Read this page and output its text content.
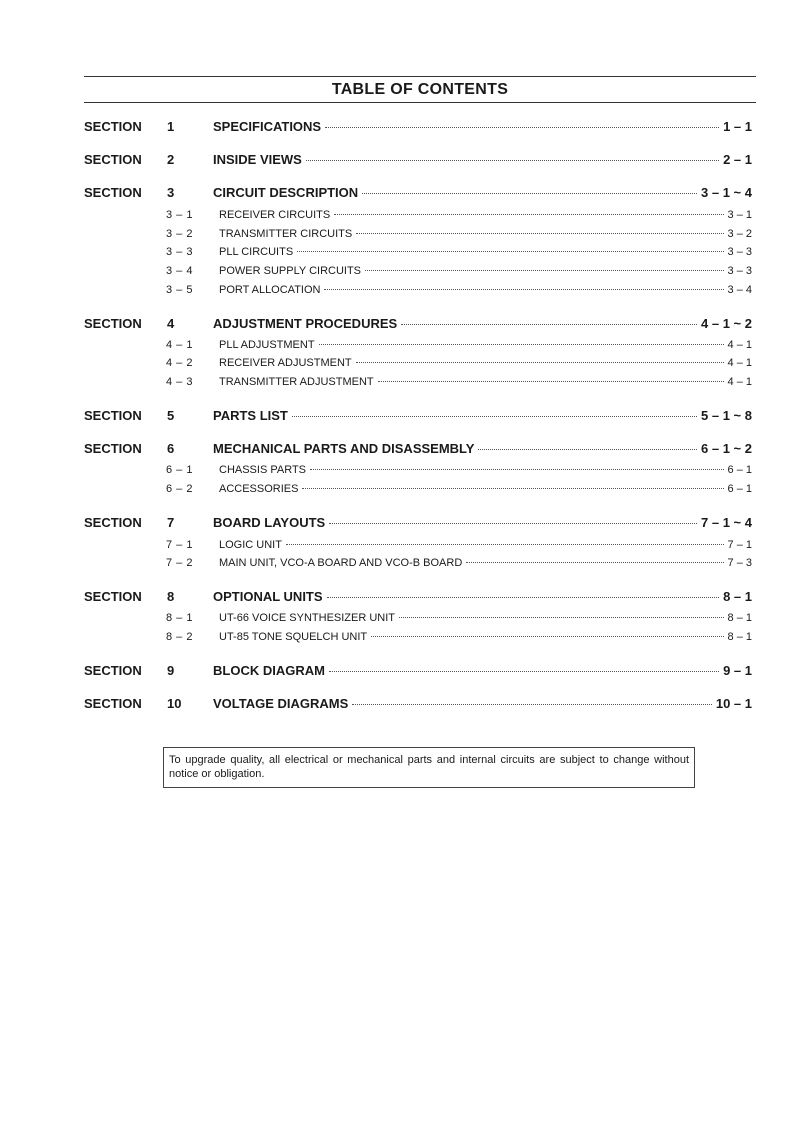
TABLE OF CONTENTS
SECTION 1	SPECIFICATIONS	1 – 1
SECTION 2	INSIDE VIEWS	2 – 1
SECTION 3	CIRCUIT DESCRIPTION	3 – 1 ~ 4
3 – 1 RECEIVER CIRCUITS	3 – 1
3 – 2 TRANSMITTER CIRCUITS	3 – 2
3 – 3 PLL CIRCUITS	3 – 3
3 – 4 POWER SUPPLY CIRCUITS	3 – 3
3 – 5 PORT ALLOCATION	3 – 4
SECTION 4	ADJUSTMENT PROCEDURES	4 – 1 ~ 2
4 – 1 PLL ADJUSTMENT	4 – 1
4 – 2 RECEIVER ADJUSTMENT	4 – 1
4 – 3 TRANSMITTER ADJUSTMENT	4 – 1
SECTION 5	PARTS LIST	5 – 1 ~ 8
SECTION 6	MECHANICAL PARTS AND DISASSEMBLY	6 – 1 ~ 2
6 – 1 CHASSIS PARTS	6 – 1
6 – 2 ACCESSORIES	6 – 1
SECTION 7	BOARD LAYOUTS	7 – 1 ~ 4
7 – 1 LOGIC UNIT	7 – 1
7 – 2 MAIN UNIT, VCO-A BOARD AND VCO-B BOARD	7 – 3
SECTION 8	OPTIONAL UNITS	8 – 1
8 – 1 UT-66 VOICE SYNTHESIZER UNIT	8 – 1
8 – 2 UT-85 TONE SQUELCH UNIT	8 – 1
SECTION 9	BLOCK DIAGRAM	9 – 1
SECTION 10 VOLTAGE DIAGRAMS	10 – 1
To upgrade quality, all electrical or mechanical parts and internal circuits are subject to change without notice or obligation.
